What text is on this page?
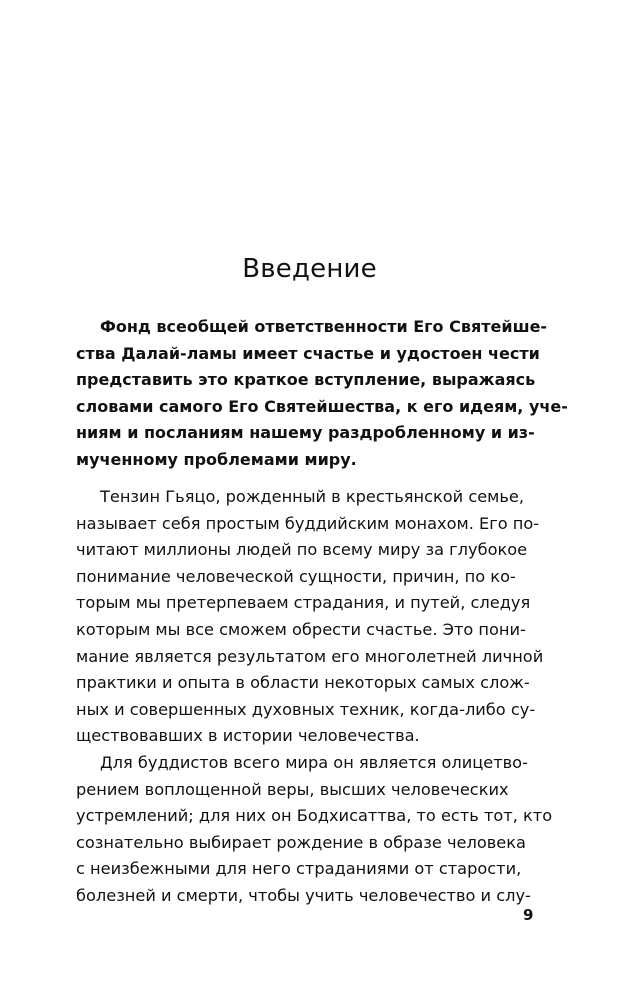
Введение
Фонд всеобщей ответственности Его Святейше-
ства Далай-ламы имеет счастье и удостоен чести
представить это краткое вступление, выражаясь
словами самого Его Святейшества, к его идеям, уче-
ниям и посланиям нашему раздробленному и из-
мученному проблемами миру.
Тензин Гьяцо, рожденный в крестьянской семье,
называет себя простым буддийским монахом. Его по-
читают миллионы людей по всему миру за глубокое
понимание человеческой сущности, причин, по ко-
торым мы претерпеваем страдания, и путей, следуя
которым мы все сможем обрести счастье. Это пони-
мание является результатом его многолетней личной
практики и опыта в области некоторых самых слож-
ных и совершенных духовных техник, когда-либо су-
ществовавших в истории человечества.
Для буддистов всего мира он является олицетво-
рением воплощенной веры, высших человеческих
устремлений; для них он Бодхисаттва, то есть тот, кто
сознательно выбирает рождение в образе человека
с неизбежными для него страданиями от старости,
болезней и смерти, чтобы учить человечество и слу-

9
